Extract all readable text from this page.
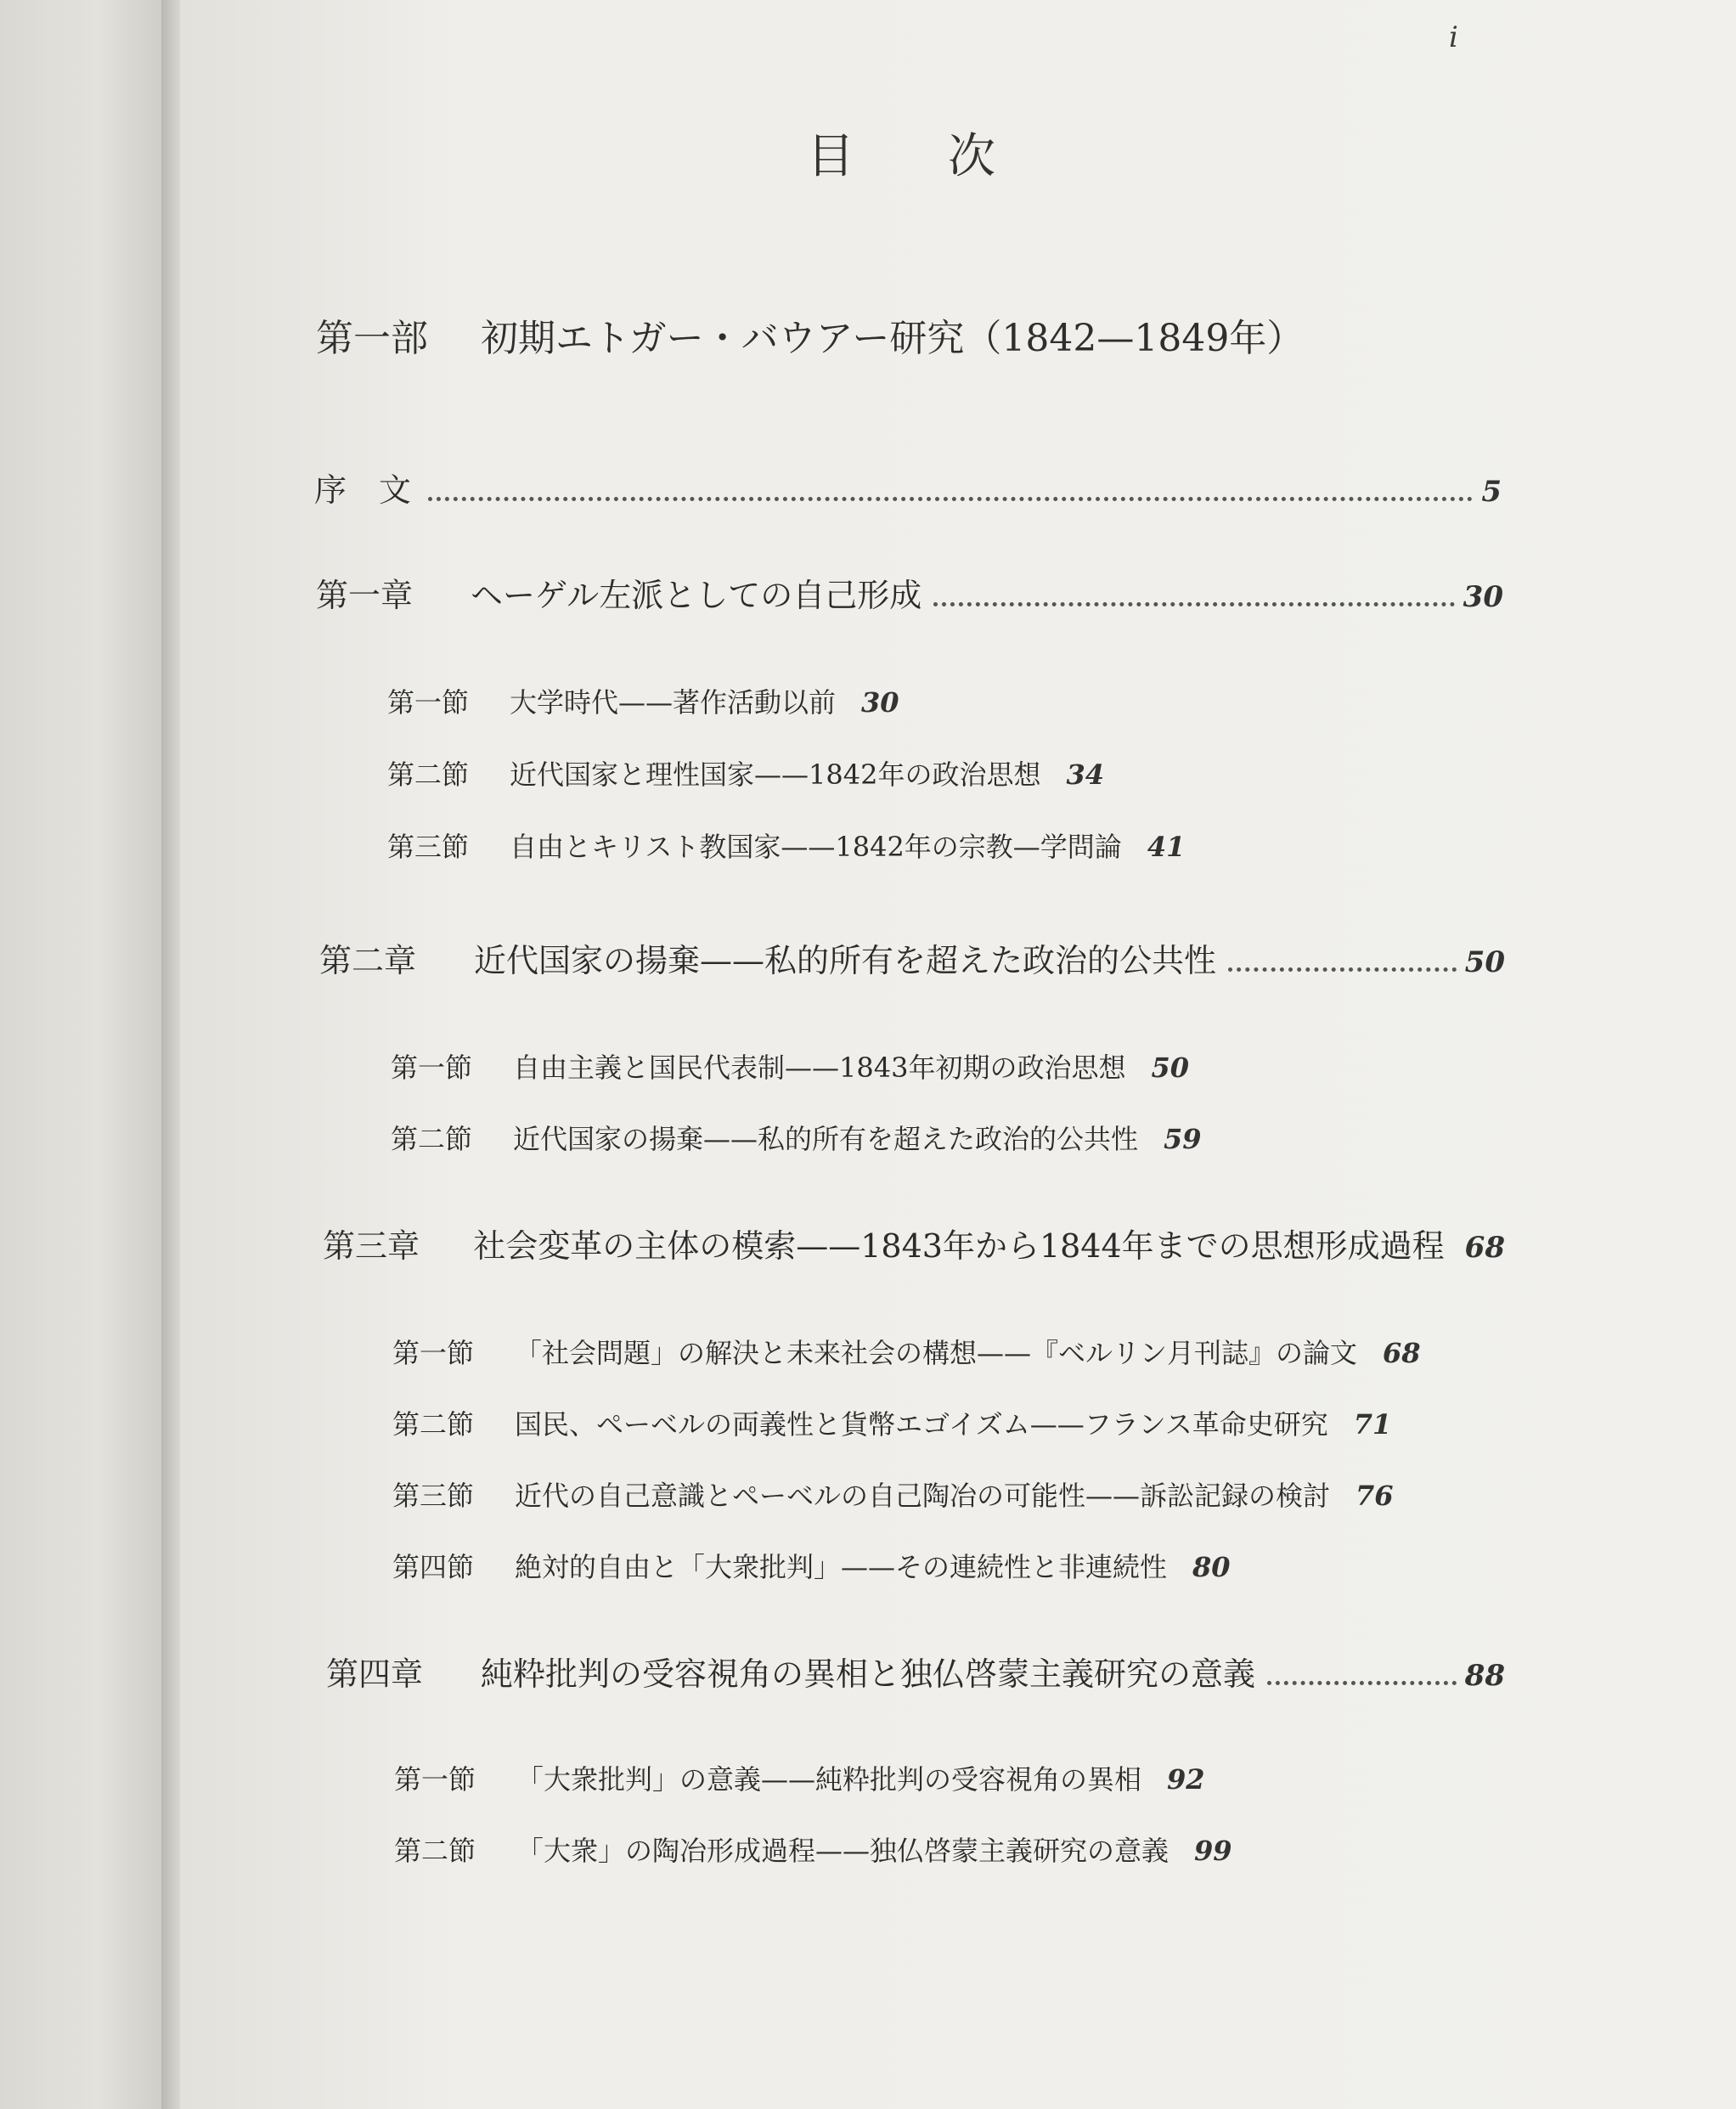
i
目次
第一部 初期エトガー・バウアー研究（1842—1849年）
序文	5
第一章	ヘーゲル左派としての自己形成	30
第一節	大学時代——著作活動以前 30
第二節	近代国家と理性国家——1842年の政治思想 34
第三節	自由とキリスト教国家——1842年の宗教—学問論 41
第二章	近代国家の揚棄——私的所有を超えた政治的公共性	50
第一節	自由主義と国民代表制——1843年初期の政治思想 50
第二節	近代国家の揚棄——私的所有を超えた政治的公共性 59
第三章	社会変革の主体の模索——1843年から1844年までの思想形成過程 68
第一節	「社会問題」の解決と未来社会の構想——『ベルリン月刊誌』の論文 68
第二節	国民、ペーベルの両義性と貨幣エゴイズム——フランス革命史研究 71
第三節	近代の自己意識とペーベルの自己陶冶の可能性——訴訟記録の検討 76
第四節	絶対的自由と「大衆批判」——その連続性と非連続性 80
第四章	純粋批判の受容視角の異相と独仏啓蒙主義研究の意義	88
第一節	「大衆批判」の意義——純粋批判の受容視角の異相 92
第二節	「大衆」の陶冶形成過程——独仏啓蒙主義研究の意義 99
